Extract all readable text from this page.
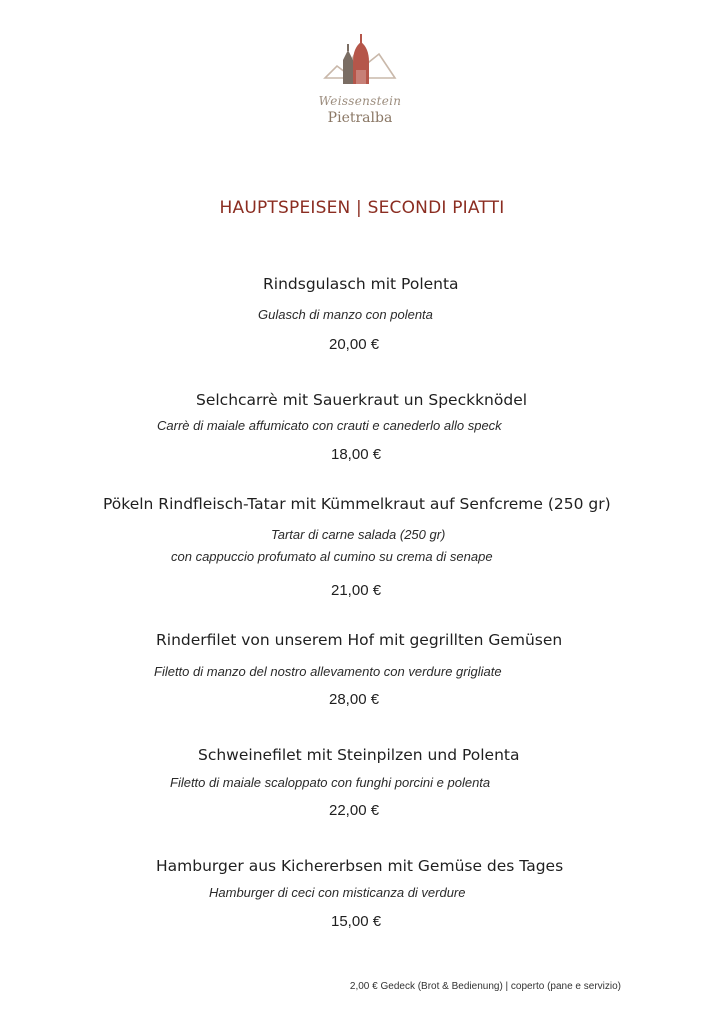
Weissenstein
Pietralba
HAUPTSPEISEN | SECONDI PIATTI
Rindsgulasch mit Polenta
Gulasch di manzo con polenta
20,00 €
Selchcarrè mit Sauerkraut un Speckknödel
Carrè di maiale affumicato con crauti e canederlo allo speck
18,00 €
Pökeln Rindfleisch-Tatar mit Kümmelkraut auf Senfcreme (250 gr)
Tartar di carne salada (250 gr)
con cappuccio profumato al cumino su crema di senape
21,00 €
Rinderfilet von unserem Hof mit gegrillten Gemüsen
Filetto di manzo del nostro allevamento con verdure grigliate
28,00 €
Schweinefilet mit Steinpilzen und Polenta
Filetto di maiale scaloppato con funghi porcini e polenta
22,00 €
Hamburger aus Kichererbsen mit Gemüse des Tages
Hamburger di ceci con misticanza di verdure
15,00 €
2,00 € Gedeck (Brot & Bedienung) | coperto (pane e servizio)
